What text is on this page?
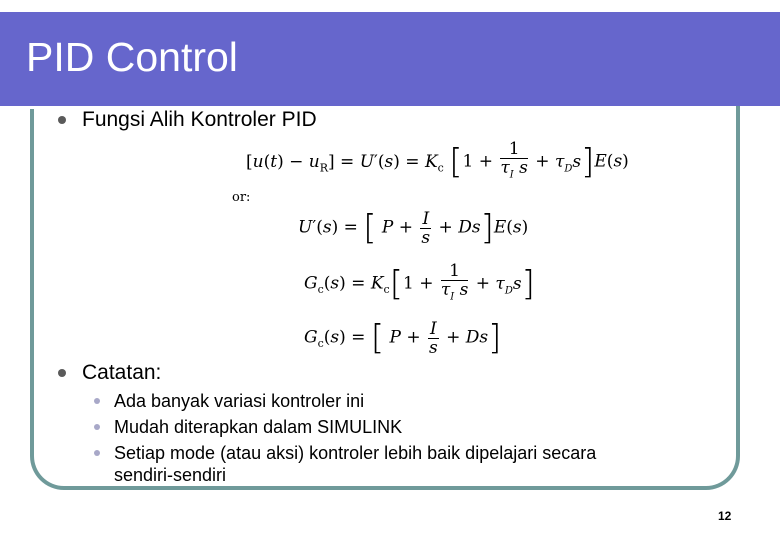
PID Control
Fungsi Alih Kontroler PID
$[u(t) - u_R] = U'(s) = K_c$ $[1 + \frac{1}{\tau_I s} + \tau_Ds]E(s)$
or:
U′(s) = [ $P + \frac{I}{s} + Ds]E(s)$
$G_c(s) = K_c[1 + \frac{1}{\tau_I s} + \tau_Ds]$
$G_c(s)$ = [ $P + \frac{I}{s} + Ds$]
Catatan:
Ada banyak variasi kontroler ini
Mudah diterapkan dalam SIMULINK
Setiap mode (atau aksi) kontroler lebih baik dipelajari secara
sendiri-sendiri
12
